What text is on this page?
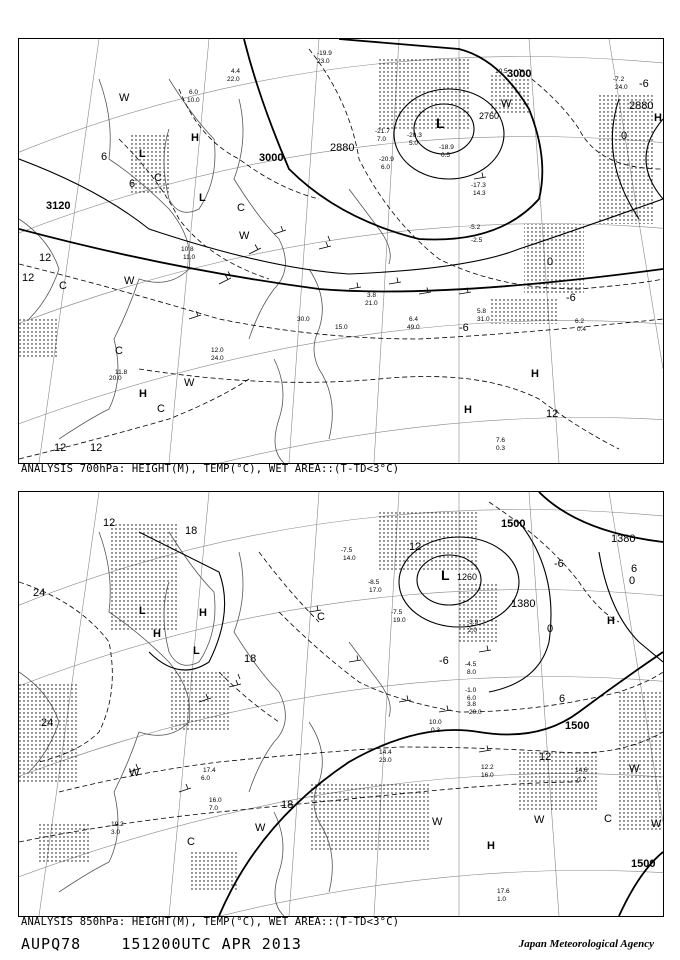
3120
3000
3000
2880
2880
2760
12
12 12
12
-6
-6
-6
0
0
6
6
12
H
L
L
C
C
W
W
W
C
W
H
H
H
C
L
C
W
H
4.4
22.0
6.0
10.0
-19.9
23.0
10.5
-7.2
24.0
-21.7
7.0
-20.3
5.0
-18.9
0.5
-20.9
6.0
-17.3
14.3
10.8
11.0
-5.2
-2.5
6.2
0.4
5.8
31.0
12.0
24.0
11.8
20.0
7.6
0.3
3.8
21.0
6.4
49.0
15.0
30.0
ANALYSIS 700hPa: HEIGHT(M), TEMP(°C), WET AREA::(T-TD<3°C)
1500
1500
1500
1380
1380
1260
24
24
18
18
12
12
12
6
6
0
0
-6
-6
18
L	H
L
H
W
W
C
W
L
W
H
C
W
C
W
H
-7.5
14.0
-8.5
17.0
-7.5
19.0	-3.9
2.0
-4.5
8.0
-1.0
6.0
3.8
20.0
12.2
16.0
14.4
23.0
17.4
6.0
16.0
7.0
19.2
3.0
17.6
1.0
14.6
-0.7
10.0
0.3
ANALYSIS 850hPa: HEIGHT(M), TEMP(°C), WET AREA::(T-TD<3°C)
AUPQ78	151200UTC APR 2013	Japan Meteorological Agency
